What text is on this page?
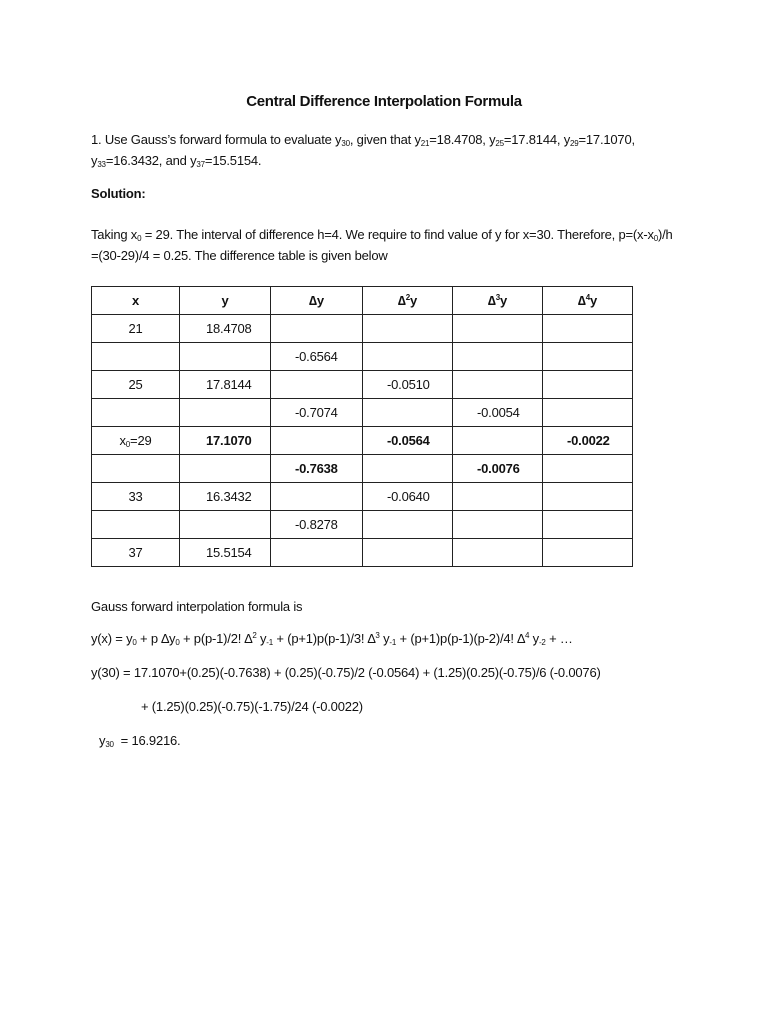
Central Difference Interpolation Formula
1. Use Gauss’s forward formula to evaluate $y_{30}$, given that $y_{21}=18.4708$, $y_{25}=17.8144$, $y_{29}=17.1070$,
$y_{33}=16.3432$, and $y_{37}=15.5154$.
Solution:
Taking $x_0 = 29$. The interval of difference h=4. We require to find value of y for x=30. Therefore, $p=(x-x_0)/h$
=(30-29)/4 = 0.25. The difference table is given below
x	y	∆y	∆$^2$y	∆$^3$y	∆$^4$y
21	18.4708				
		-0.6564			
25	17.8144		-0.0510		
		-0.7074		-0.0054	
$x_0=29$	17.1070		-0.0564		-0.0022
		-0.7638		-0.0076	
33	16.3432		-0.0640		
		-0.8278			
37	15.5154				
Gauss forward interpolation formula is
$y(x) = y_0 + p$ $\Delta y_0 + p(p-1)/2$! ∆$^2$ $y_{-1} + (p+1)p(p-1)/3$! ∆$^3$ $y_{-1} + (p+1)p(p-1)(p-2)/4$! ∆$^4$ $y_{-2}$ + …
y(30) = 17.1070+(0.25)(-0.7638) + (0.25)(-0.75)/2 (-0.0564) + (1.25)(0.25)(-0.75)/6 (-0.0076)
+ (1.25)(0.25)(-0.75)(-1.75)/24 (-0.0022)
$y_{30} = 16.9216$.
